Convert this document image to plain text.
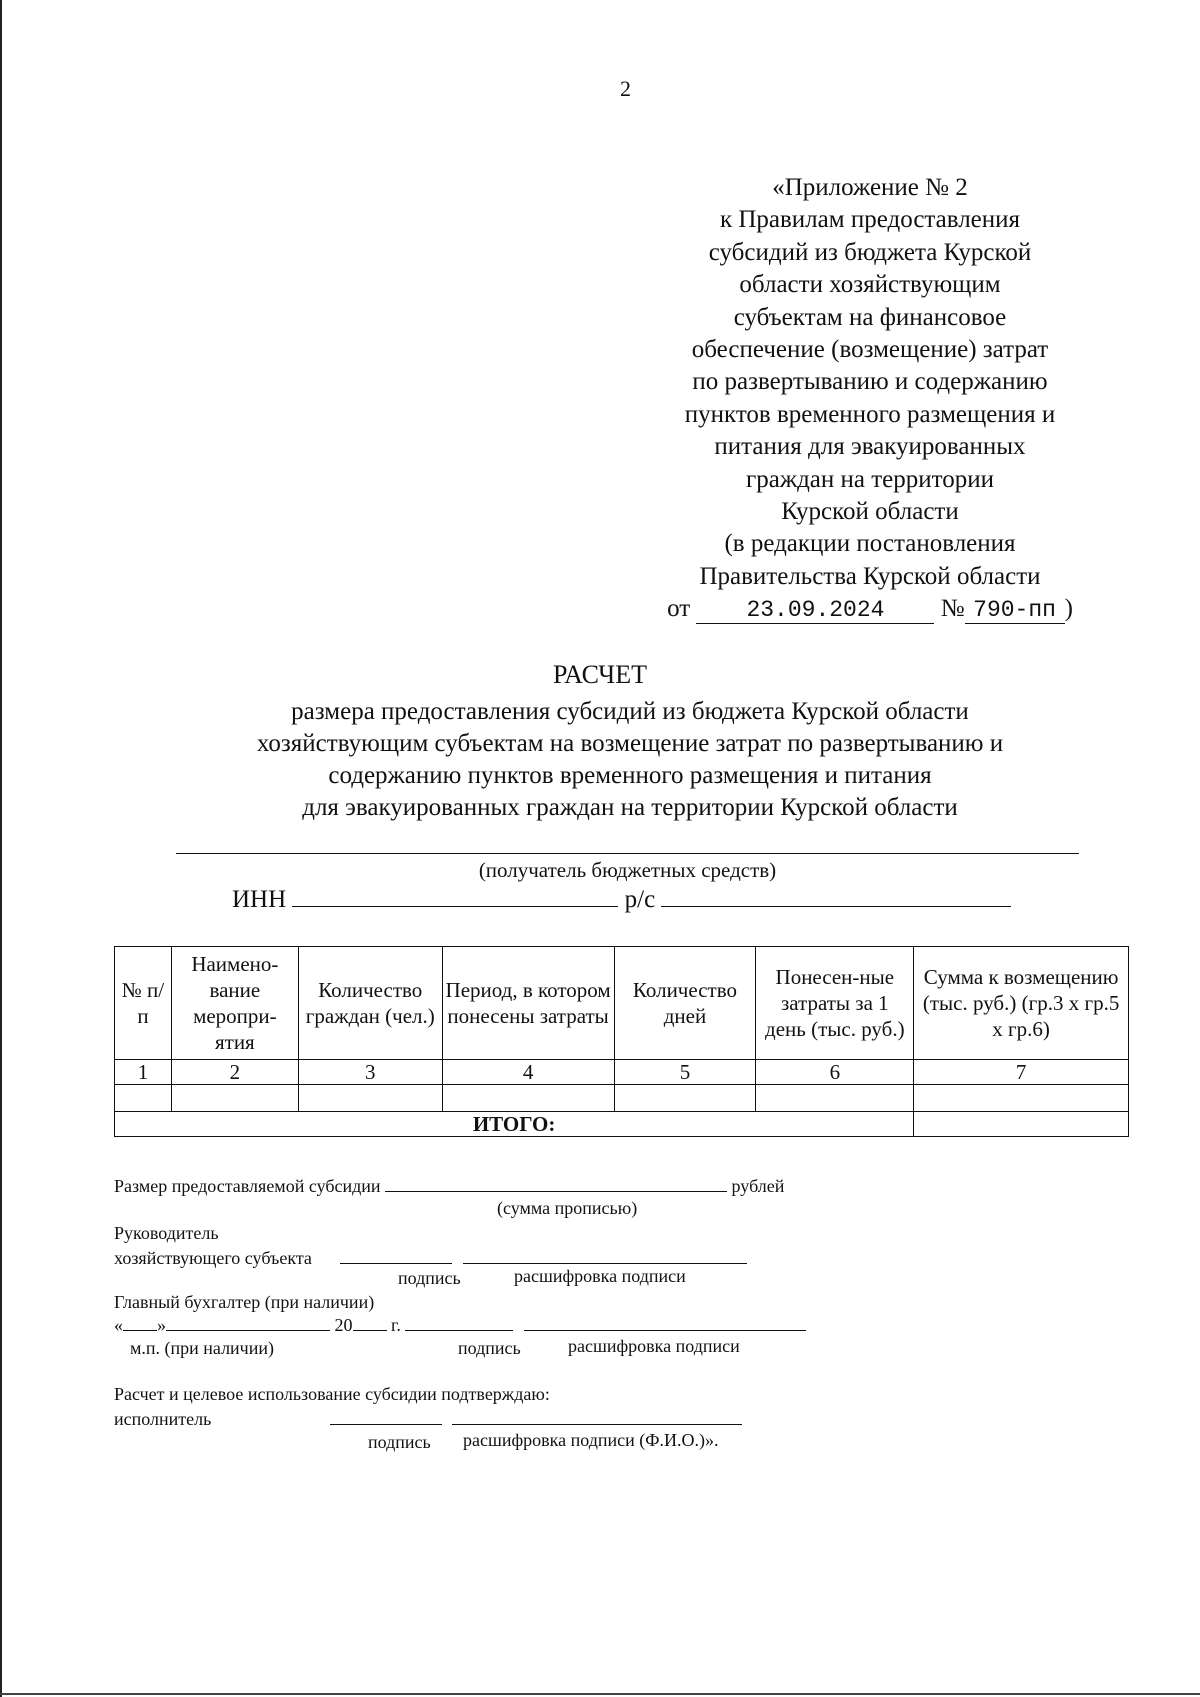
2
«Приложение № 2
к Правилам предоставления
субсидий из бюджета Курской
области хозяйствующим
субъектам на финансовое
обеспечение (возмещение) затрат
по развертыванию и содержанию
пунктов временного размещения и
питания для эвакуированных
граждан на территории
Курской области
(в редакции постановления
Правительства Курской области
от 23.09.2024 № 790-пп )
РАСЧЕТ
размера предоставления субсидий из бюджета Курской области
хозяйствующим субъектам на возмещение затрат по развертыванию и
содержанию пунктов временного размещения и питания
для эвакуированных граждан на территории Курской области
(получатель бюджетных средств)
ИНН	р/с
№ п/п	Наимено-вание меропри-ятия	Количество граждан (чел.)	Период, в котором понесены затраты	Количество дней	Понесен-ные затраты за 1 день (тыс. руб.)	Сумма к возмещению (тыс. руб.) (гр.3 х гр.5 х гр.6)
1	2	3	4	5	6	7

ИТОГО:						
Размер предоставляемой субсидии	рублей
(сумма прописью)
Руководитель
хозяйствующего субъекта
подпись	расшифровка подписи
Главный бухгалтер (при наличии)
« »	20 г.
м.п. (при наличии)	подпись	расшифровка подписи
Расчет и целевое использование субсидии подтверждаю:
исполнитель
подпись расшифровка подписи (Ф.И.О.)».
